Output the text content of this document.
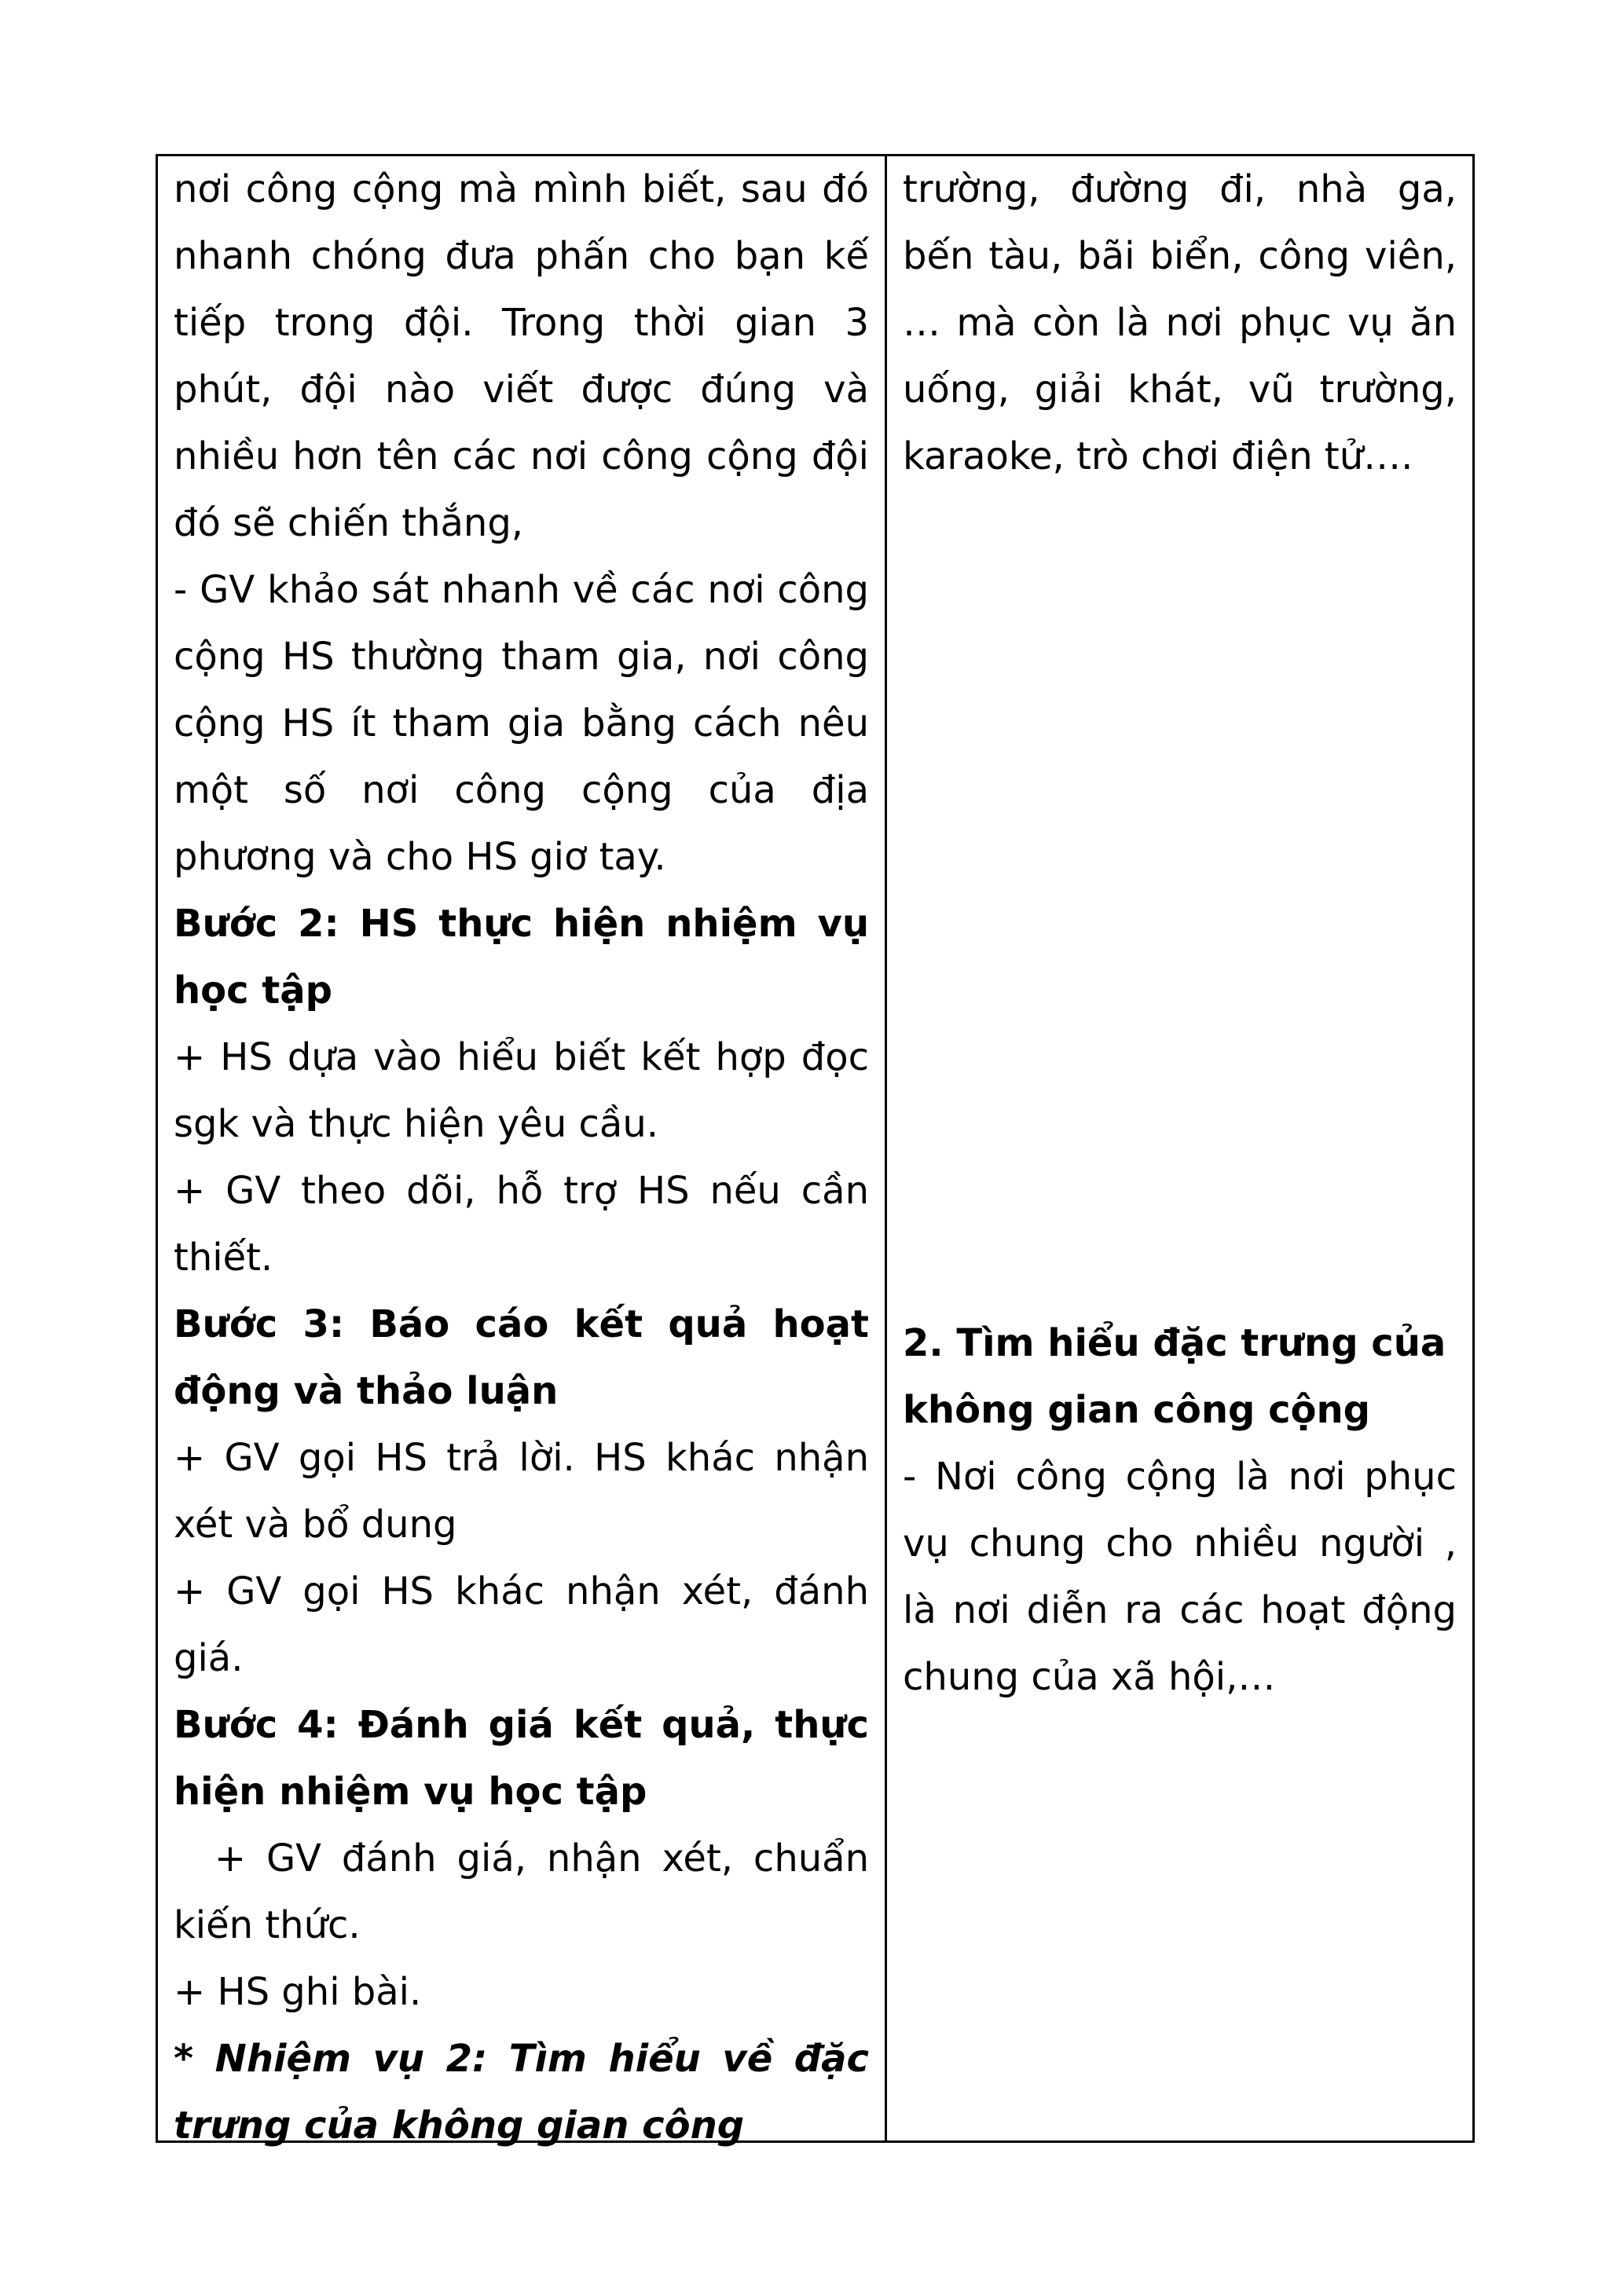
nơi công cộng mà mình biết, sau đó nhanh chóng đưa phấn cho bạn kế tiếp trong đội. Trong thời gian 3 phút, đội nào viết được đúng và nhiều hơn tên các nơi công cộng đội đó sẽ chiến thắng,

- GV khảo sát nhanh về các nơi công cộng HS thường tham gia, nơi công cộng HS ít tham gia bằng cách nêu một số nơi công cộng của địa phương và cho HS giơ tay.

Bước 2: HS thực hiện nhiệm vụ học tập

+ HS dựa vào hiểu biết kết hợp đọc sgk và thực hiện yêu cầu.

+ GV theo dõi, hỗ trợ HS nếu cần thiết.

Bước 3: Báo cáo kết quả hoạt động và thảo luận

+ GV gọi HS trả lời. HS khác nhận xét và bổ dung

+ GV gọi HS khác nhận xét, đánh giá.

Bước 4: Đánh giá kết quả, thực hiện nhiệm vụ học tập

+ GV đánh giá, nhận xét, chuẩn kiến thức.

+ HS ghi bài.

* Nhiệm vụ 2: Tìm hiểu về đặc trưng của không gian công

trường, đường đi, nhà ga, bến tàu, bãi biển, công viên, … mà còn là nơi phục vụ ăn uống, giải khát, vũ trường, karaoke, trò chơi điện tử….

2. Tìm hiểu đặc trưng của không gian công cộng

- Nơi công cộng là nơi phục vụ chung cho nhiều người , là nơi diễn ra các hoạt động chung của xã hội,…
